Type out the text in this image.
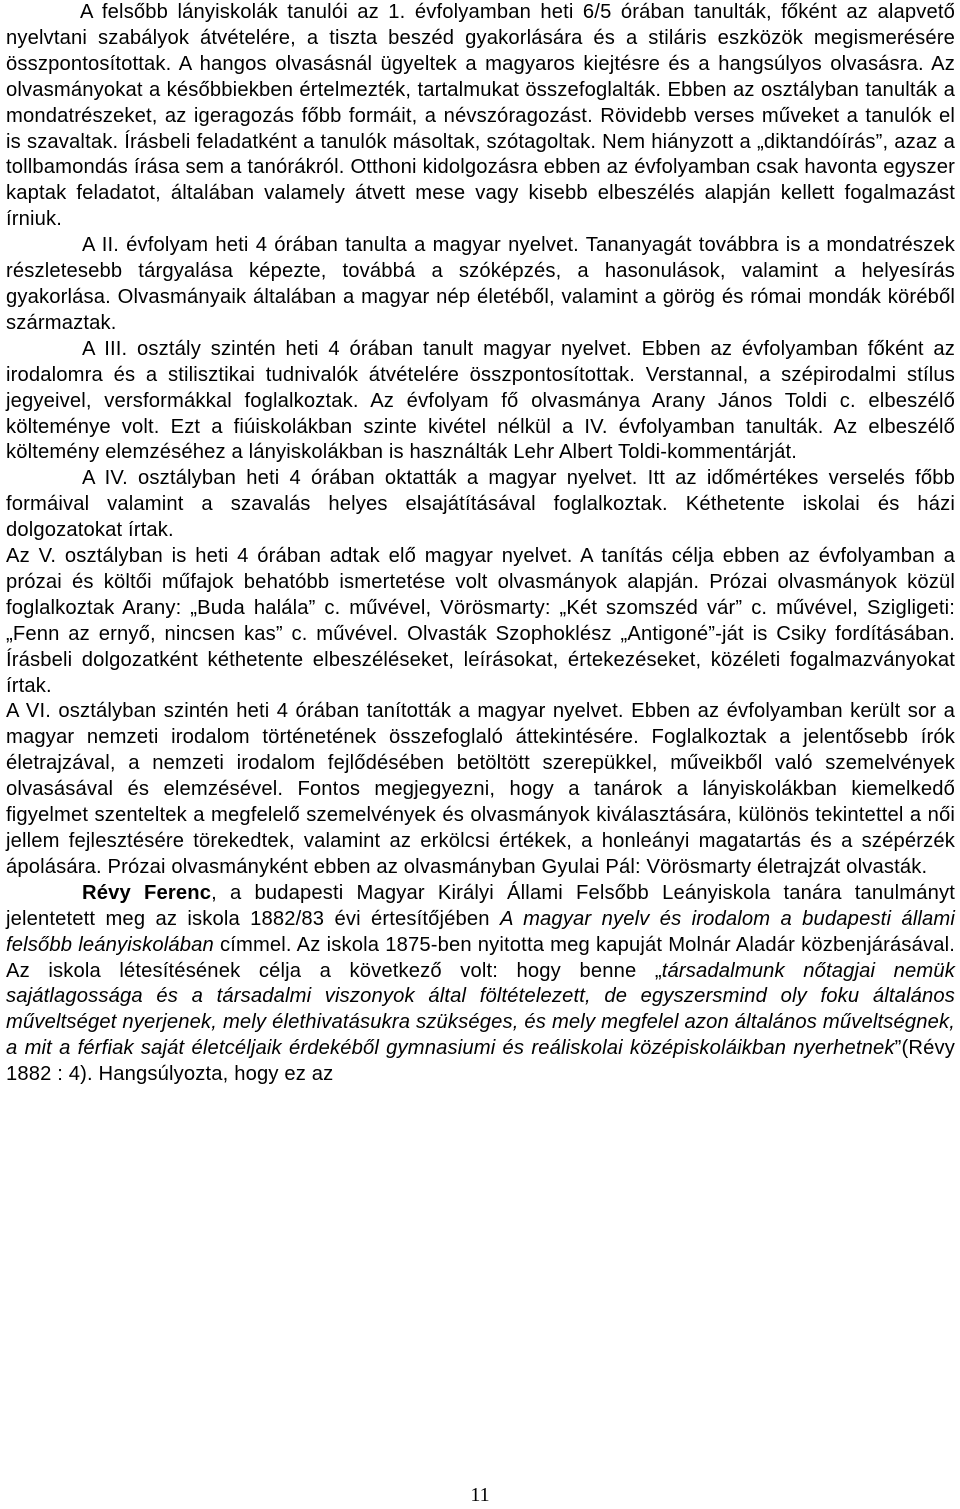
A felsőbb lányiskolák tanulói az 1. évfolyamban heti 6/5 órában tanulták, főként az alapvető nyelvtani szabályok átvételére, a tiszta beszéd gyakorlására és a stiláris eszközök megismerésére összpontosítottak. A hangos olvasásnál ügyeltek a magyaros kiejtésre és a hangsúlyos olvasásra. Az olvasmányokat a későbbiekben értelmezték, tartalmukat összefoglalták. Ebben az osztályban tanulták a mondatrészeket, az igeragozás főbb formáit, a névszóragozást. Rövidebb verses műveket a tanulók el is szavaltak. Írásbeli feladatként a tanulók másoltak, szótagoltak. Nem hiányzott a „diktandóírás”, azaz a tollbamondás írása sem a tanórákról. Otthoni kidolgozásra ebben az évfolyamban csak havonta egyszer kaptak feladatot, általában valamely átvett mese vagy kisebb elbeszélés alapján kellett fogalmazást írniuk.

A II. évfolyam heti 4 órában tanulta a magyar nyelvet. Tananyagát továbbra is a mondatrészek részletesebb tárgyalása képezte, továbbá a szóképzés, a hasonulások, valamint a helyesírás gyakorlása. Olvasmányaik általában a magyar nép életéből, valamint a görög és római mondák köréből származtak.

A III. osztály szintén heti 4 órában tanult magyar nyelvet. Ebben az évfolyamban főként az irodalomra és a stilisztikai tudnivalók átvételére összpontosítottak. Verstannal, a szépirodalmi stílus jegyeivel, versformákkal foglalkoztak. Az évfolyam fő olvasmánya Arany János Toldi c. elbeszélő költeménye volt. Ezt a fiúiskolákban szinte kivétel nélkül a IV. évfolyamban tanulták. Az elbeszélő költemény elemzéséhez a lányiskolákban is használták Lehr Albert Toldi-kommentárját.

A IV. osztályban heti 4 órában oktatták a magyar nyelvet. Itt az időmértékes verselés főbb formáival valamint a szavalás helyes elsajátításával foglalkoztak. Kéthetente iskolai és házi dolgozatokat írtak.

Az V. osztályban is heti 4 órában adtak elő magyar nyelvet. A tanítás célja ebben az évfolyamban a prózai és költői műfajok behatóbb ismertetése volt olvasmányok alapján. Prózai olvasmányok közül foglalkoztak Arany: „Buda halála” c. művével, Vörösmarty: „Két szomszéd vár” c. művével, Szigligeti: „Fenn az ernyő, nincsen kas” c. művével. Olvasták Szophoklész „Antigoné”-ját is Csiky fordításában. Írásbeli dolgozatként kéthetente elbeszéléseket, leírásokat, értekezéseket, közéleti fogalmazványokat írtak.

A VI. osztályban szintén heti 4 órában tanították a magyar nyelvet. Ebben az évfolyamban került sor a magyar nemzeti irodalom történetének összefoglaló áttekintésére. Foglalkoztak a jelentősebb írók életrajzával, a nemzeti irodalom fejlődésében betöltött szerepükkel, műveikből való szemelvények olvasásával és elemzésével. Fontos megjegyezni, hogy a tanárok a lányiskolákban kiemelkedő figyelmet szenteltek a megfelelő szemelvények és olvasmányok kiválasztására, különös tekintettel a női jellem fejlesztésére törekedtek, valamint az erkölcsi értékek, a honleányi magatartás és a szépérzék ápolására. Prózai olvasmányként ebben az olvasmányban Gyulai Pál: Vörösmarty életrajzát olvasták.

Révy Ferenc, a budapesti Magyar Királyi Állami Felsőbb Leányiskola tanára tanulmányt jelentetett meg az iskola 1882/83 évi értesítőjében A magyar nyelv és irodalom a budapesti állami felsőbb leányiskolában címmel. Az iskola 1875-ben nyitotta meg kapuját Molnár Aladár közbenjárásával. Az iskola létesítésének célja a következő volt: hogy benne „társadalmunk nőtagjai nemük sajátlagossága és a társadalmi viszonyok által föltételezett, de egyszersmind oly foku általános műveltséget nyerjenek, mely élethivatásukra szükséges, és mely megfelel azon általános műveltségnek, a mit a férfiak saját életcéljaik érdekéből gymnasiumi és reáliskolai középiskoláikban nyerhetnek”(Révy 1882 : 4). Hangsúlyozta, hogy ez az

11
